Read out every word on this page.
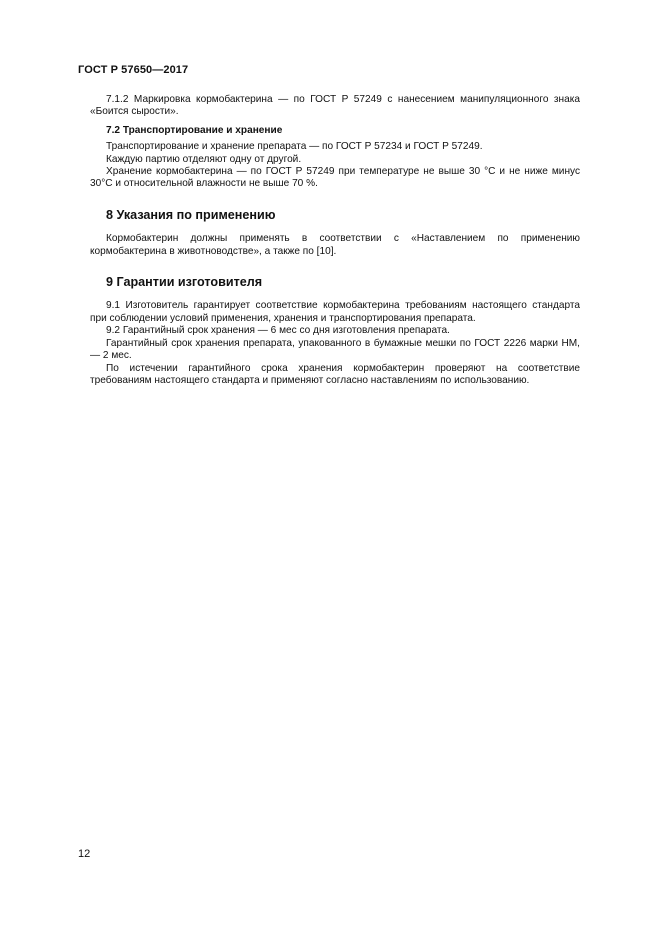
ГОСТ Р 57650—2017

7.1.2 Маркировка кормобактерина — по ГОСТ Р 57249 с нанесением манипуляционного знака «Боится сырости».

7.2 Транспортирование и хранение

Транспортирование и хранение препарата — по ГОСТ Р 57234 и ГОСТ Р 57249.

Каждую партию отделяют одну от другой.

Хранение кормобактерина — по ГОСТ Р 57249 при температуре не выше 30 °С и не ниже минус 30°С и относительной влажности не выше 70 %.

8 Указания по применению

Кормобактерин должны применять в соответствии с «Наставлением по применению кормобактерина в животноводстве», а также по [10].

9 Гарантии изготовителя

9.1 Изготовитель гарантирует соответствие кормобактерина требованиям настоящего стандарта при соблюдении условий применения, хранения и транспортирования препарата.

9.2 Гарантийный срок хранения — 6 мес со дня изготовления препарата.

Гарантийный срок хранения препарата, упакованного в бумажные мешки по ГОСТ 2226 марки НМ, — 2 мес.

По истечении гарантийного срока хранения кормобактерин проверяют на соответствие требованиям настоящего стандарта и применяют согласно наставлениям по использованию.

12
